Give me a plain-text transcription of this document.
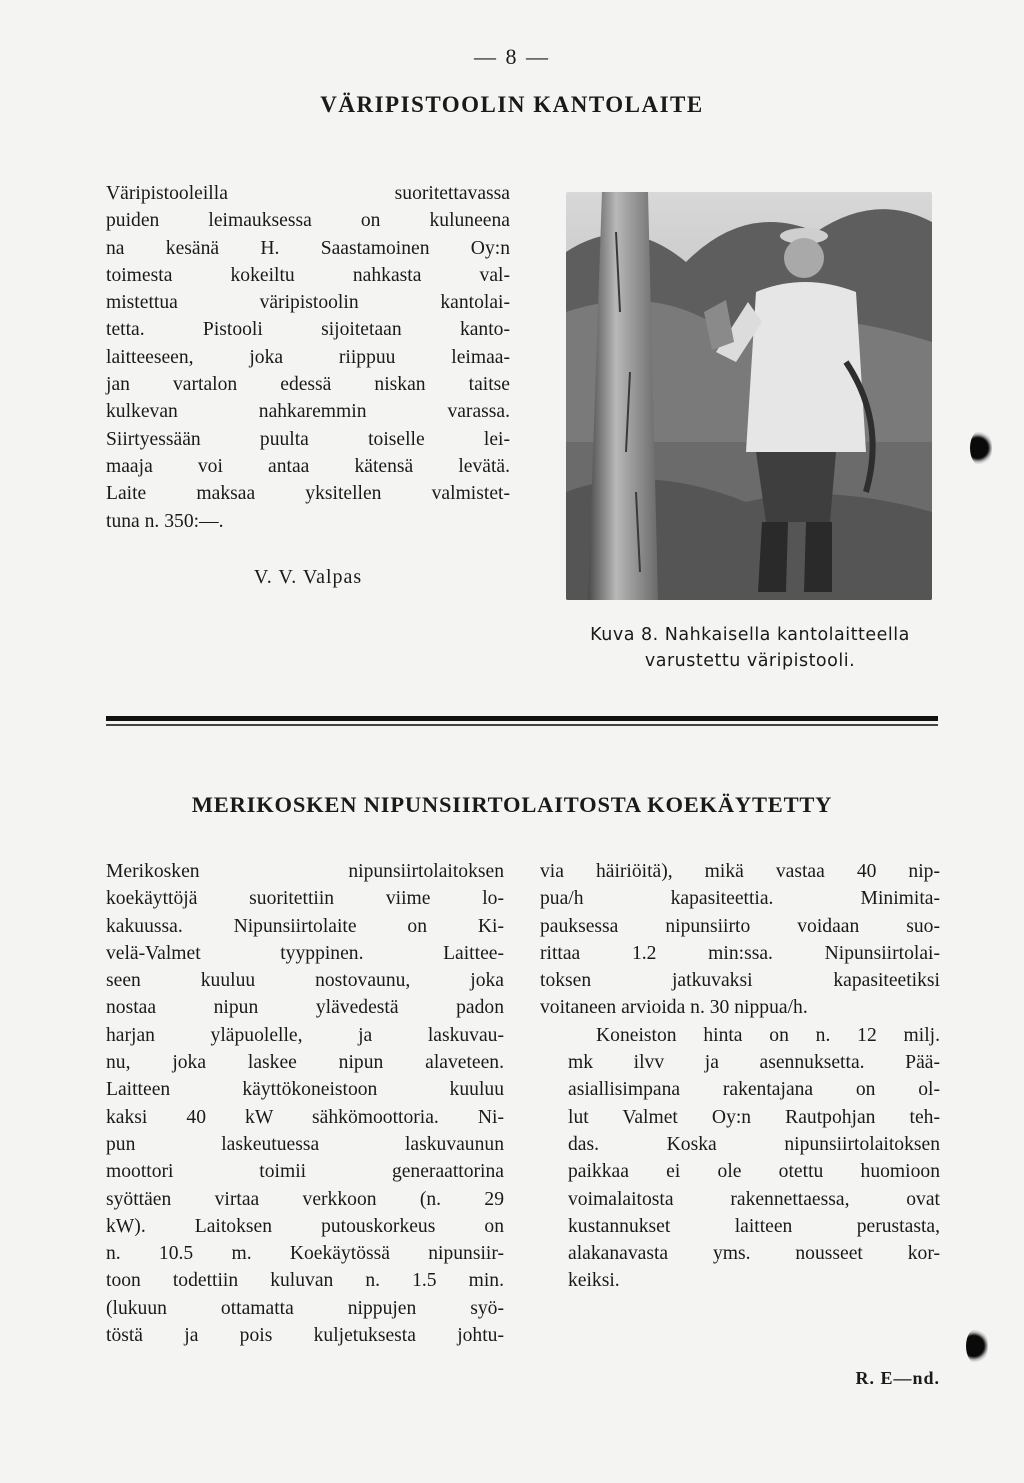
— 8 —
VÄRIPISTOOLIN KANTOLAITE

Väripistooleilla suoritettavassa
puiden leimauksessa on kuluneena
na kesänä H. Saastamoinen Oy:n
toimesta kokeiltu nahkasta val-
mistettua väripistoolin kantolai-
tetta. Pistooli sijoitetaan kanto-
laitteeseen, joka riippuu leimaa-
jan vartalon edessä niskan taitse
kulkevan nahkaremmin varassa.
Siirtyessään puulta toiselle lei-
maaja voi antaa kätensä levätä.
Laite maksaa yksitellen valmistet-
tuna n. 350:—.

V. V. Valpas
Kuva 8. Nahkaisella kantolaitteella
varustettu väripistooli.
MERIKOSKEN NIPUNSIIRTOLAITOSTA KOEKÄYTETTY

Merikosken nipunsiirtolaitoksen
koekäyttöjä suoritettiin viime lo-
kakuussa. Nipunsiirtolaite on Ki-
velä-Valmet tyyppinen. Laittee-
seen kuuluu nostovaunu, joka
nostaa nipun ylävedestä padon
harjan yläpuolelle, ja laskuvau-
nu, joka laskee nipun alaveteen.
Laitteen käyttökoneistoon kuuluu
kaksi 40 kW sähkömoottoria. Ni-
pun laskeutuessa laskuvaunun
moottori toimii generaattorina
syöttäen virtaa verkkoon (n. 29
kW). Laitoksen putouskorkeus on
n. 10.5 m. Koekäytössä nipunsiir-
toon todettiin kuluvan n. 1.5 min.
(lukuun ottamatta nippujen syö-
töstä ja pois kuljetuksesta johtu-

via häiriöitä), mikä vastaa 40 nip-
pua/h kapasiteettia. Minimita-
pauksessa nipunsiirto voidaan suo-
rittaa 1.2 min:ssa. Nipunsiirtolai-
toksen jatkuvaksi kapasiteetiksi
voitaneen arvioida n. 30 nippua/h.

Koneiston hinta on n. 12 milj.
mk ilvv ja asennuksetta. Pää-
asiallisimpana rakentajana on ol-
lut Valmet Oy:n Rautpohjan teh-
das. Koska nipunsiirtolaitoksen
paikkaa ei ole otettu huomioon
voimalaitosta rakennettaessa, ovat
kustannukset laitteen perustasta,
alakanavasta yms. nousseet kor-
keiksi.

R. E—nd.
